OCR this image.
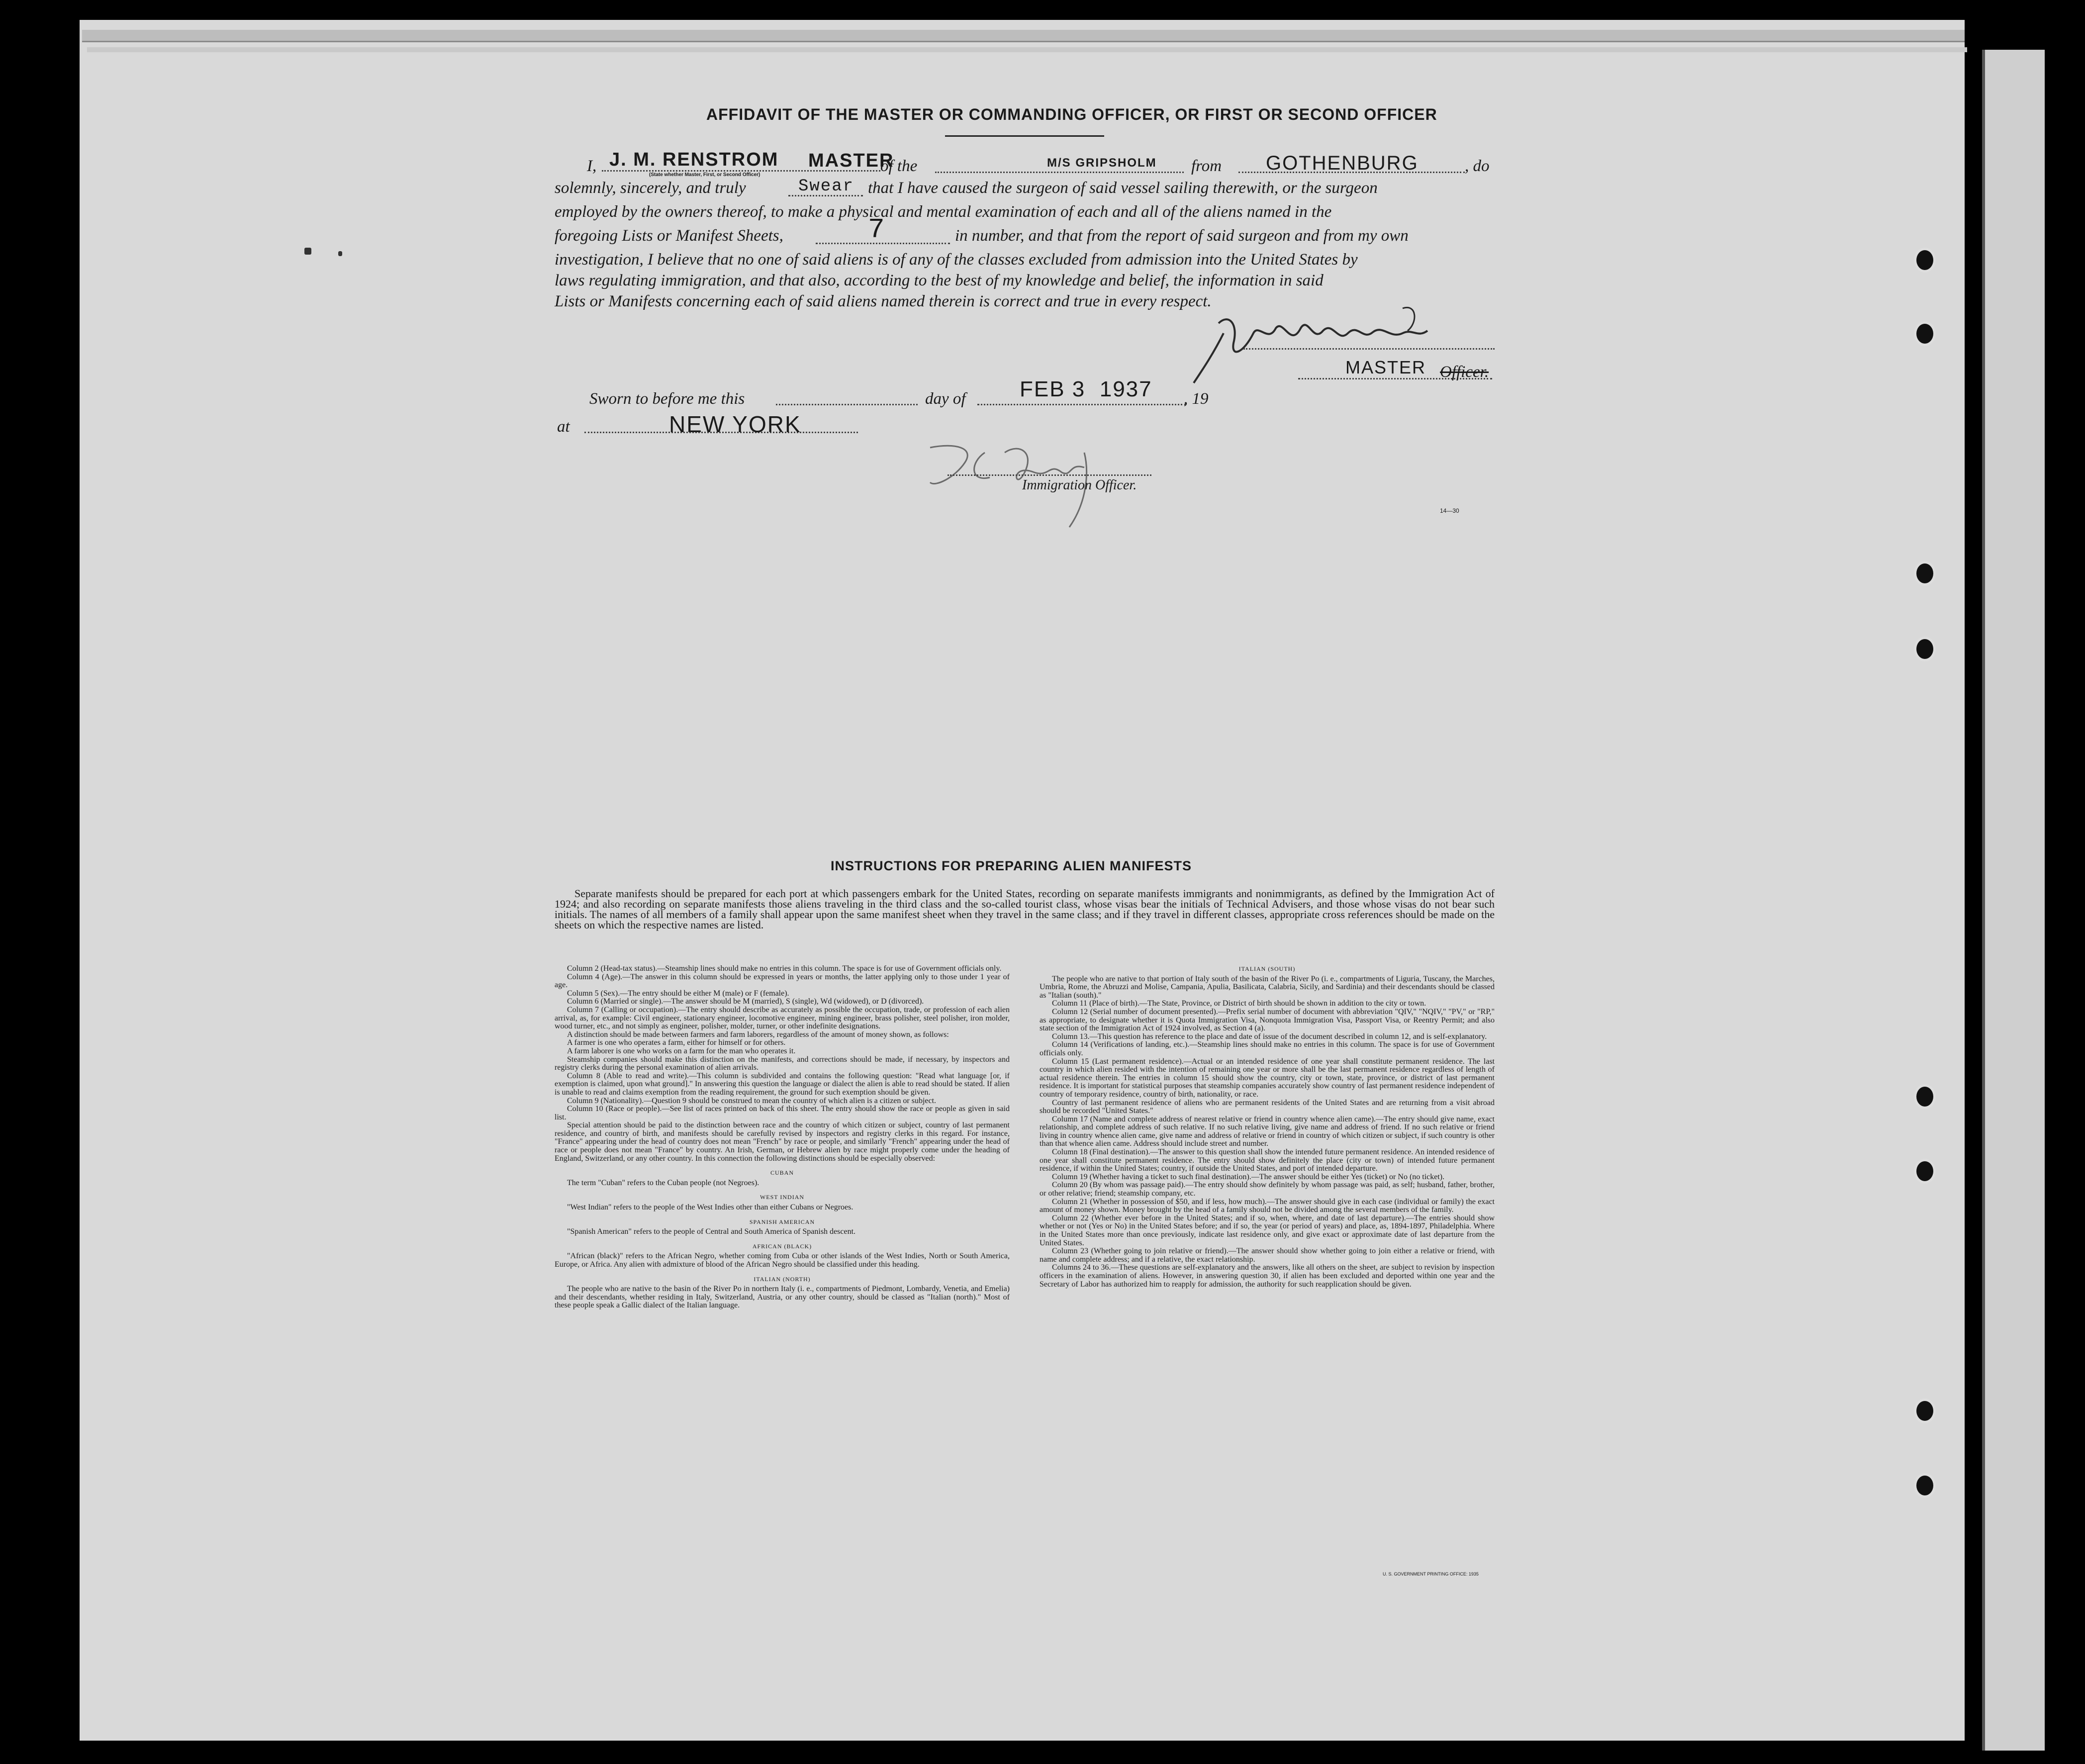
AFFIDAVIT OF THE MASTER OR COMMANDING OFFICER, OR FIRST OR SECOND OFFICER
I, J. M. RENSTROM
(State whether Master, First, or Second Officer)
MASTER
of the	M/S GRIPSHOLM from GOTHENBURG	, do
solemnly, sincerely, and truly	Swear that I have caused the surgeon of said vessel sailing therewith, or the surgeon
employed by the owners thereof, to make a physical and mental examination of each and all of the aliens named in the
foregoing Lists or Manifest Sheets,	7	in number, and that from the report of said surgeon and from my own
investigation, I believe that no one of said aliens is of any of the classes excluded from admission into the United States by
laws regulating immigration, and that also, according to the best of my knowledge and belief, the information in said
Lists or Manifests concerning each of said aliens named therein is correct and true in every respect.
MASTER Officer.
Sworn to before me this	day of FEB 3  1937 , 19
at	NEW YORK
Immigration Officer.
14—30
INSTRUCTIONS FOR PREPARING ALIEN MANIFESTS
Separate manifests should be prepared for each port at which passengers embark for the United States, recording on separate manifests immigrants and nonimmigrants, as defined by the Immigration Act of 1924; and also recording on separate manifests those aliens traveling in the third class and the so-called tourist class, whose visas bear the initials of Technical Advisers, and those whose visas do not bear such initials. The names of all members of a family shall appear upon the same manifest sheet when they travel in the same class; and if they travel in different classes, appropriate cross references should be made on the sheets on which the respective names are listed.

Column 2 (Head-tax status).—Steamship lines should make no entries in this column. The space is for use of Government officials only.

Column 4 (Age).—The answer in this column should be expressed in years or months, the latter applying only to those under 1 year of age.

Column 5 (Sex).—The entry should be either M (male) or F (female).

Column 6 (Married or single).—The answer should be M (married), S (single), Wd (widowed), or D (divorced).

Column 7 (Calling or occupation).—The entry should describe as accurately as possible the occupation, trade, or profession of each alien arrival, as, for example: Civil engineer, stationary engineer, locomotive engineer, mining engineer, brass polisher, steel polisher, iron molder, wood turner, etc., and not simply as engineer, polisher, molder, turner, or other indefinite designations.

A distinction should be made between farmers and farm laborers, regardless of the amount of money shown, as follows:

A farmer is one who operates a farm, either for himself or for others.

A farm laborer is one who works on a farm for the man who operates it.

Steamship companies should make this distinction on the manifests, and corrections should be made, if necessary, by inspectors and registry clerks during the personal examination of alien arrivals.

Column 8 (Able to read and write).—This column is subdivided and contains the following question: "Read what language [or, if exemption is claimed, upon what ground]." In answering this question the language or dialect the alien is able to read should be stated. If alien is unable to read and claims exemption from the reading requirement, the ground for such exemption should be given.

Column 9 (Nationality).—Question 9 should be construed to mean the country of which alien is a citizen or subject.

Column 10 (Race or people).—See list of races printed on back of this sheet. The entry should show the race or people as given in said list.

Special attention should be paid to the distinction between race and the country of which citizen or subject, country of last permanent residence, and country of birth, and manifests should be carefully revised by inspectors and registry clerks in this regard. For instance, "France" appearing under the head of country does not mean "French" by race or people, and similarly "French" appearing under the head of race or people does not mean "France" by country. An Irish, German, or Hebrew alien by race might properly come under the heading of England, Switzerland, or any other country. In this connection the following distinctions should be especially observed:

CUBAN

The term "Cuban" refers to the Cuban people (not Negroes).

WEST INDIAN

"West Indian" refers to the people of the West Indies other than either Cubans or Negroes.

SPANISH AMERICAN

"Spanish American" refers to the people of Central and South America of Spanish descent.

AFRICAN (BLACK)

"African (black)" refers to the African Negro, whether coming from Cuba or other islands of the West Indies, North or South America, Europe, or Africa. Any alien with admixture of blood of the African Negro should be classified under this heading.

ITALIAN (NORTH)

The people who are native to the basin of the River Po in northern Italy (i. e., compartments of Piedmont, Lombardy, Venetia, and Emelia) and their descendants, whether residing in Italy, Switzerland, Austria, or any other country, should be classed as "Italian (north)." Most of these people speak a Gallic dialect of the Italian language.

ITALIAN (SOUTH)

The people who are native to that portion of Italy south of the basin of the River Po (i. e., compartments of Liguria, Tuscany, the Marches, Umbria, Rome, the Abruzzi and Molise, Campania, Apulia, Basilicata, Calabria, Sicily, and Sardinia) and their descendants should be classed as "Italian (south)."

Column 11 (Place of birth).—The State, Province, or District of birth should be shown in addition to the city or town.

Column 12 (Serial number of document presented).—Prefix serial number of document with abbreviation "QIV," "NQIV," "PV," or "RP," as appropriate, to designate whether it is Quota Immigration Visa, Nonquota Immigration Visa, Passport Visa, or Reentry Permit; and also state section of the Immigration Act of 1924 involved, as Section 4 (a).

Column 13.—This question has reference to the place and date of issue of the document described in column 12, and is self-explanatory.

Column 14 (Verifications of landing, etc.).—Steamship lines should make no entries in this column. The space is for use of Government officials only.

Column 15 (Last permanent residence).—Actual or an intended residence of one year shall constitute permanent residence. The last country in which alien resided with the intention of remaining one year or more shall be the last permanent residence regardless of length of actual residence therein. The entries in column 15 should show the country, city or town, state, province, or district of last permanent residence. It is important for statistical purposes that steamship companies accurately show country of last permanent residence independent of country of temporary residence, country of birth, nationality, or race.

Country of last permanent residence of aliens who are permanent residents of the United States and are returning from a visit abroad should be recorded "United States."

Column 17 (Name and complete address of nearest relative or friend in country whence alien came).—The entry should give name, exact relationship, and complete address of such relative. If no such relative living, give name and address of friend. If no such relative or friend living in country whence alien came, give name and address of relative or friend in country of which citizen or subject, if such country is other than that whence alien came. Address should include street and number.

Column 18 (Final destination).—The answer to this question shall show the intended future permanent residence. An intended residence of one year shall constitute permanent residence. The entry should show definitely the place (city or town) of intended future permanent residence, if within the United States; country, if outside the United States, and port of intended departure.

Column 19 (Whether having a ticket to such final destination).—The answer should be either Yes (ticket) or No (no ticket).

Column 20 (By whom was passage paid).—The entry should show definitely by whom passage was paid, as self; husband, father, brother, or other relative; friend; steamship company, etc.

Column 21 (Whether in possession of $50, and if less, how much).—The answer should give in each case (individual or family) the exact amount of money shown. Money brought by the head of a family should not be divided among the several members of the family.

Column 22 (Whether ever before in the United States; and if so, when, where, and date of last departure).—The entries should show whether or not (Yes or No) in the United States before; and if so, the year (or period of years) and place, as, 1894-1897, Philadelphia. Where in the United States more than once previously, indicate last residence only, and give exact or approximate date of last departure from the United States.

Column 23 (Whether going to join relative or friend).—The answer should show whether going to join either a relative or friend, with name and complete address; and if a relative, the exact relationship.

Columns 24 to 36.—These questions are self-explanatory and the answers, like all others on the sheet, are subject to revision by inspection officers in the examination of aliens. However, in answering question 30, if alien has been excluded and deported within one year and the Secretary of Labor has authorized him to reapply for admission, the authority for such reapplication should be given.

U. S. GOVERNMENT PRINTING OFFICE: 1935
